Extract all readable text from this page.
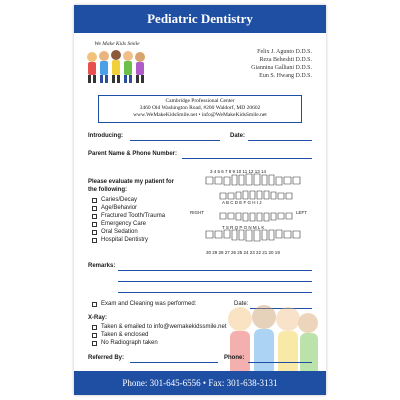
Pediatric Dentistry
We Make Kids Smile
Felix J. Agunto D.D.S.
Reza Beheshti D.D.S.
Giannina Galliani D.D.S.
Eun S. Hwang D.D.S.
Cambridge Professional Center
3460 Old Washington Road, #200 Waldorf, MD 20602
www.WeMakeKidsSmile.net • info@WeMakeKidsSmile.net
Introducing:	Date:
Parent Name & Phone Number:
Please evaluate my patient for
the following:
Caries/Decay
Age/Behavior
Fractured Tooth/Trauma
Emergency Care
Oral Sedation
Hospital Dentistry
3 4 5 6 7 8 9 10 11 12 13 14
A B C D E F G H I J
RIGHT	LEFT
T S R Q P O N M L K
30 29 28 27 26 25 24 23 22 21 20 19
Remarks:
Exam and Cleaning was performed:	Date:
X-Ray:
Taken & emailed to info@wemakekidssmile.net
Taken & enclosed
No Radiograph taken
Referred By:	Phone:
Phone: 301-645-6556 • Fax: 301-638-3131
